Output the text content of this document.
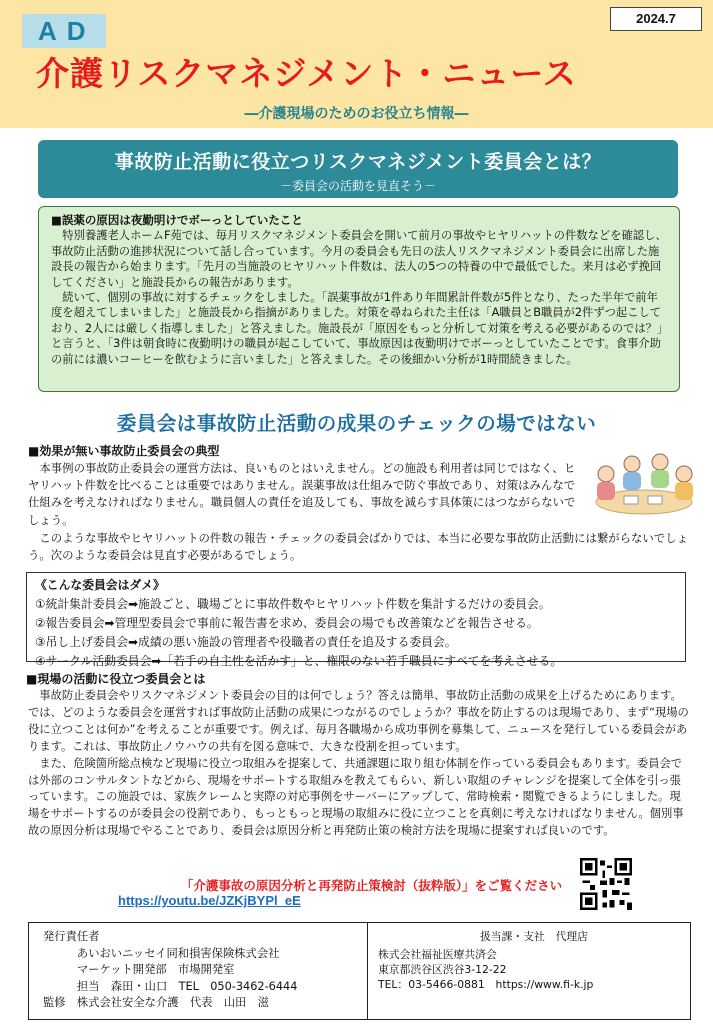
AD	2024.7
介護リスクマネジメント・ニュース
―介護現場のためのお役立ち情報―
事故防止活動に役立つリスクマネジメント委員会とは？
－委員会の活動を見直そう－
■誤薬の原因は夜勤明けでボーっとしていたこと

特別養護老人ホームF苑では、毎月リスクマネジメント委員会を開いて前月の事故やヒヤリハットの件数などを確認し、事故防止活動の進捗状況について話し合っています。今月の委員会も先日の法人リスクマネジメント委員会に出席した施設長の報告から始まります。「先月の当施設のヒヤリハット件数は、法人の5つの特養の中で最低でした。来月は必ず挽回してください」と施設長からの報告があります。

続いて、個別の事故に対するチェックをしました。「誤薬事故が1件あり年間累計件数が5件となり、たった半年で前年度を超えてしまいました」と施設長から指摘がありました。対策を尋ねられた主任は「A職員とB職員が2件ずつ起こしており、2人には厳しく指導しました」と答えました。施設長が「原因をもっと分析して対策を考える必要があるのでは？」と言うと、「3件は朝食時に夜勤明けの職員が起こしていて、事故原因は夜勤明けでボーっとしていたことです。食事介助の前には濃いコーヒーを飲むように言いました」と答えました。その後細かい分析が1時間続きました。

委員会は事故防止活動の成果のチェックの場ではない
■効果が無い事故防止委員会の典型

本事例の事故防止委員会の運営方法は、良いものとはいえません。どの施設も利用者は同じではなく、ヒヤリハット件数を比べることは重要ではありません。誤薬事故は仕組みで防ぐ事故であり、対策はみんなで仕組みを考えなければなりません。職員個人の責任を追及しても、事故を減らす具体策にはつながらないでしょう。

このような事故やヒヤリハットの件数の報告・チェックの委員会ばかりでは、本当に必要な事故防止活動には繋がらないでしょう。次のような委員会は見直す必要があるでしょう。

《こんな委員会はダメ》
①統計集計委員会➡施設ごと、職場ごとに事故件数やヒヤリハット件数を集計するだけの委員会。
②報告委員会➡管理型委員会で事前に報告書を求め、委員会の場でも改善策などを報告させる。
③吊し上げ委員会➡成績の悪い施設の管理者や役職者の責任を追及する委員会。
④サークル活動委員会➡「若手の自主性を活かす」と、権限のない若手職員にすべてを考えさせる。
■現場の活動に役立つ委員会とは

事故防止委員会やリスクマネジメント委員会の目的は何でしょう？答えは簡単、事故防止活動の成果を上げるためにあります。では、どのような委員会を運営すれば事故防止活動の成果につながるのでしょうか？事故を防止するのは現場であり、まず“現場の役に立つことは何か”を考えることが重要です。例えば、毎月各職場から成功事例を募集して、ニュースを発行している委員会があります。これは、事故防止ノウハウの共有を図る意味で、大きな役割を担っています。

また、危険箇所総点検など現場に役立つ取組みを提案して、共通課題に取り組む体制を作っている委員会もあります。委員会では外部のコンサルタントなどから、現場をサポートする取組みを教えてもらい、新しい取組のチャレンジを提案して全体を引っ張っています。この施設では、家族クレームと実際の対応事例をサーバーにアップして、常時検索・閲覧できるようにしました。現場をサポートするのが委員会の役割であり、もっともっと現場の取組みに役に立つことを真剣に考えなければなりません。個別事故の原因分析は現場でやることであり、委員会は原因分析と再発防止策の検討方法を現場に提案すれば良いのです。

「介護事故の原因分析と再発防止策検討（抜粋版）」をご覧ください
https://youtu.be/JZKjBYPl_eE
発行責任者
　　　あいおいニッセイ同和損害保険株式会社
　　　マーケット開発部　市場開発室
　　　担当　森田・山口　TEL　050-3462-6444
監修　株式会社安全な介護　代表　山田　滋
扱当課・支社　代理店
株式会社福祉医療共済会
東京都渋谷区渋谷3-12-22
TEL：03-5466-0881　https://www.fi-k.jp
